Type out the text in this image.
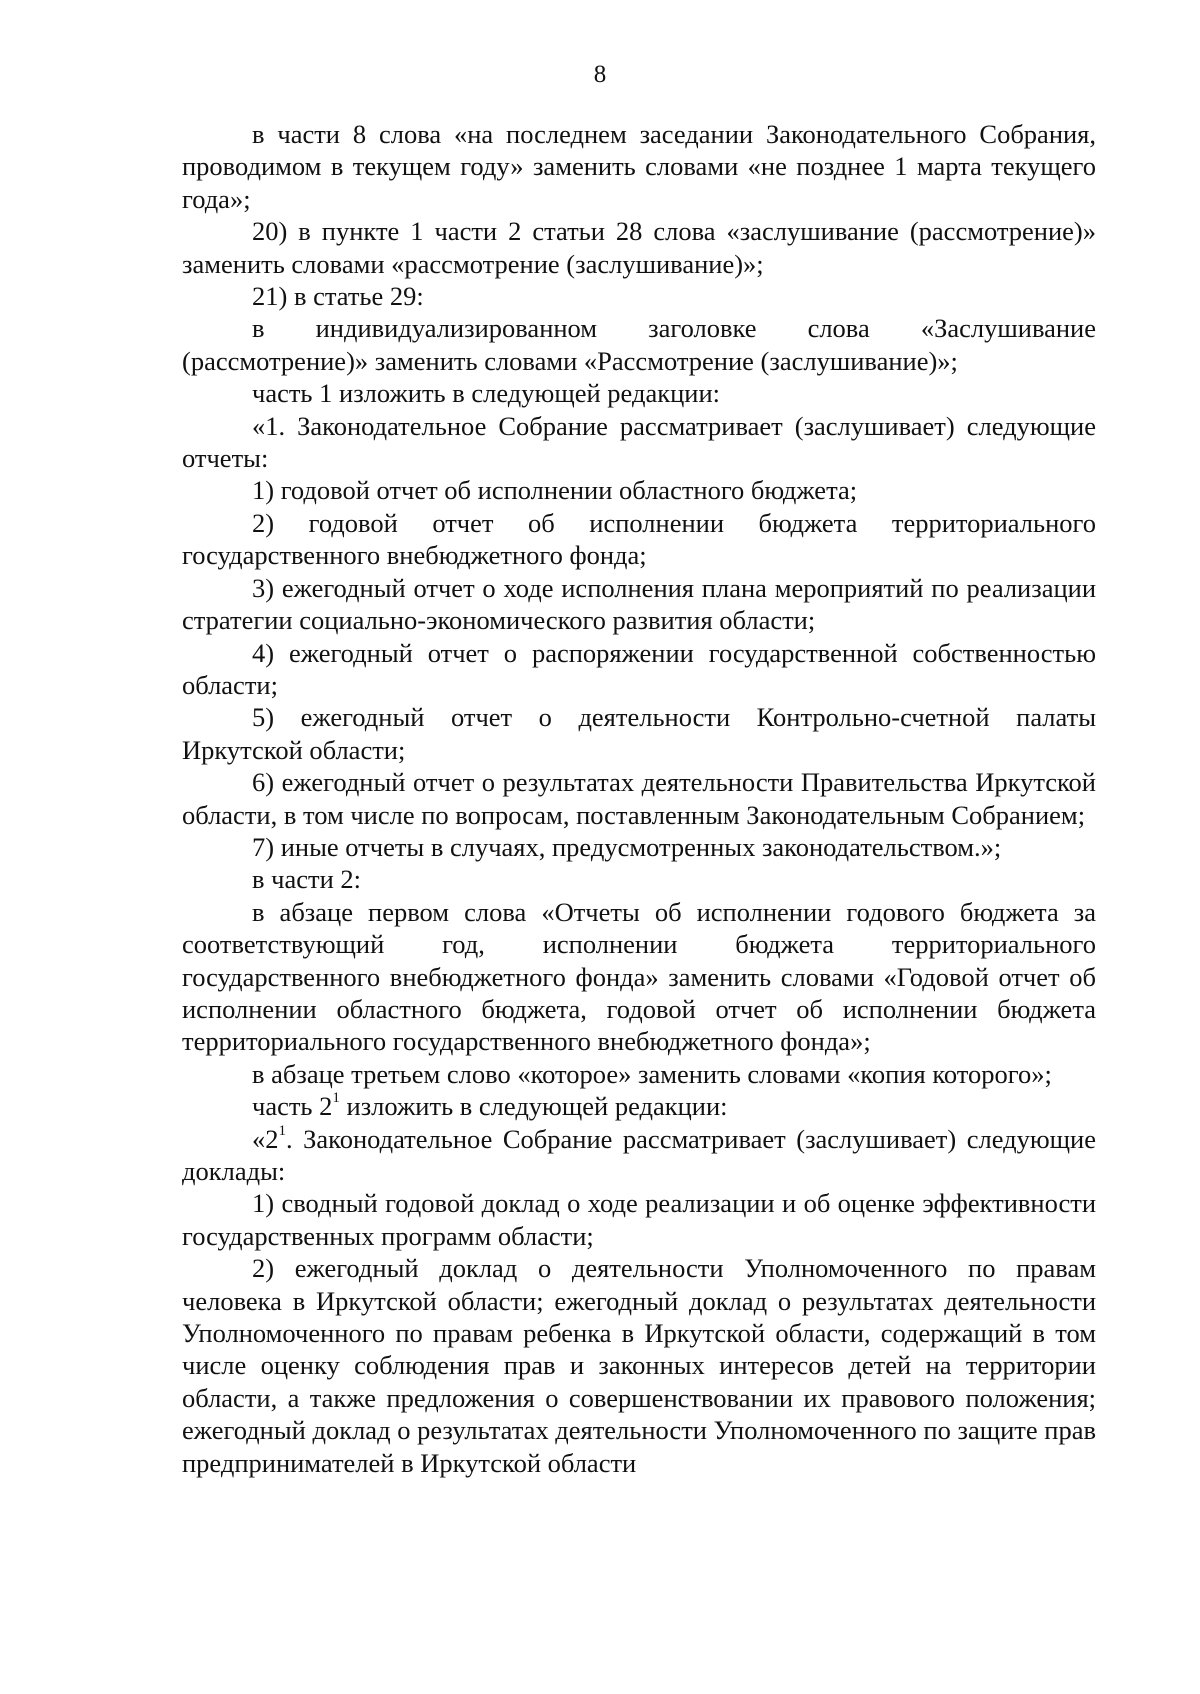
8

в части 8 слова «на последнем заседании Законодательного Собрания, проводимом в текущем году» заменить словами «не позднее 1 марта текущего года»;

20) в пункте 1 части 2 статьи 28 слова «заслушивание (рассмотрение)» заменить словами «рассмотрение (заслушивание)»;

21) в статье 29:

в индивидуализированном заголовке слова «Заслушивание (рассмотрение)» заменить словами «Рассмотрение (заслушивание)»;

часть 1 изложить в следующей редакции:

«1. Законодательное Собрание рассматривает (заслушивает) следующие отчеты:

1) годовой отчет об исполнении областного бюджета;

2) годовой отчет об исполнении бюджета территориального государственного внебюджетного фонда;

3) ежегодный отчет о ходе исполнения плана мероприятий по реализации стратегии социально-экономического развития области;

4) ежегодный отчет о распоряжении государственной собственностью области;

5) ежегодный отчет о деятельности Контрольно-счетной палаты Иркутской области;

6) ежегодный отчет о результатах деятельности Правительства Иркутской области, в том числе по вопросам, поставленным Законодательным Собранием;

7) иные отчеты в случаях, предусмотренных законодательством.»;

в части 2:

в абзаце первом слова «Отчеты об исполнении годового бюджета за соответствующий год, исполнении бюджета территориального государственного внебюджетного фонда» заменить словами «Годовой отчет об исполнении областного бюджета, годовой отчет об исполнении бюджета территориального государственного внебюджетного фонда»;

в абзаце третьем слово «которое» заменить словами «копия которого»;

часть $2^1$ изложить в следующей редакции:

«$2^1$. Законодательное Собрание рассматривает (заслушивает) следующие доклады:

1) сводный годовой доклад о ходе реализации и об оценке эффективности государственных программ области;

2) ежегодный доклад о деятельности Уполномоченного по правам человека в Иркутской области; ежегодный доклад о результатах деятельности Уполномоченного по правам ребенка в Иркутской области, содержащий в том числе оценку соблюдения прав и законных интересов детей на территории области, а также предложения о совершенствовании их правового положения; ежегодный доклад о результатах деятельности Уполномоченного по защите прав предпринимателей в Иркутской области
